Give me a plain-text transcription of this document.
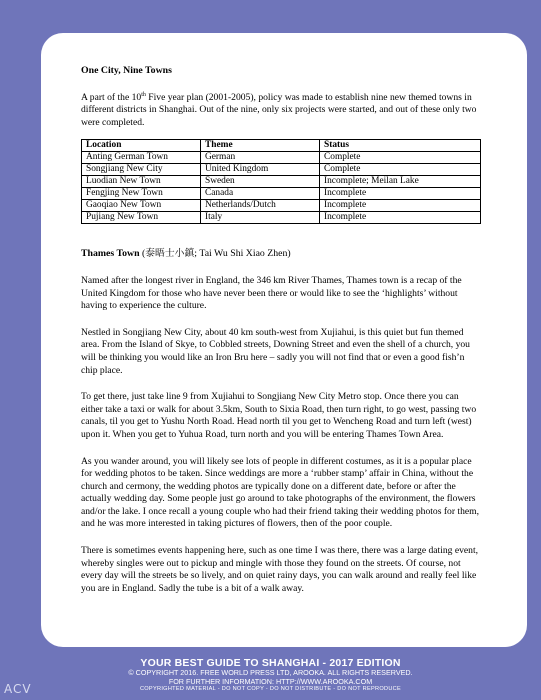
One City, Nine Towns

A part of the 10th Five year plan (2001-2005), policy was made to establish nine new themed towns in different districts in Shanghai. Out of the nine, only six projects were started, and out of these only two were completed.

Location	Theme	Status
Anting German Town	German	Complete
Songjiang New City	United Kingdom	Complete
Luodian New Town	Sweden	Incomplete; Meilan Lake
Fengjing New Town	Canada	Incomplete
Gaoqiao New Town	Netherlands/Dutch	Incomplete
Pujiang New Town	Italy	Incomplete

Thames Town (泰晤士小鎮; Tai Wu Shi Xiao Zhen)

Named after the longest river in England, the 346 km River Thames, Thames town is a recap of the United Kingdom for those who have never been there or would like to see the ‘highlights’ without having to experience the culture.

Nestled in Songjiang New City, about 40 km south-west from Xujiahui, is this quiet but fun themed area. From the Island of Skye, to Cobbled streets, Downing Street and even the shell of a church, you will be thinking you would like an Iron Bru here – sadly you will not find that or even a good fish’n chip place.

To get there, just take line 9 from Xujiahui to Songjiang New City Metro stop. Once there you can either take a taxi or walk for about 3.5km, South to Sixia Road, then turn right, to go west, passing two canals, til you get to Yushu North Road. Head north til you get to Wencheng Road and turn left (west) upon it. When you get to Yuhua Road, turn north and you will be entering Thames Town Area.

As you wander around, you will likely see lots of people in different costumes, as it is a popular place for wedding photos to be taken. Since weddings are more a ‘rubber stamp’ affair in China, without the church and cermony, the wedding photos are typically done on a different date, before or after the actually wedding day. Some people just go around to take photographs of the environment, the flowers and/or the lake. I once recall a young couple who had their friend taking their wedding photos for them, and he was more interested in taking pictures of flowers, then of the poor couple.

There is sometimes events happening here, such as one time I was there, there was a large dating event, whereby singles were out to pickup and mingle with those they found on the streets. Of course, not every day will the streets be so lively, and on quiet rainy days, you can walk around and really feel like you are in England. Sadly the tube is a bit of a walk away.

YOUR BEST GUIDE TO SHANGHAI - 2017 EDITION
© COPYRIGHT 2016. FREE WORLD PRESS LTD, AROOKA. ALL RIGHTS RESERVED.
FOR FURTHER INFORMATION: HTTP://WWW.AROOKA.COM
COPYRIGHTED MATERIAL - DO NOT COPY - DO NOT DISTRIBUTE - DO NOT REPRODUCE
ACV
